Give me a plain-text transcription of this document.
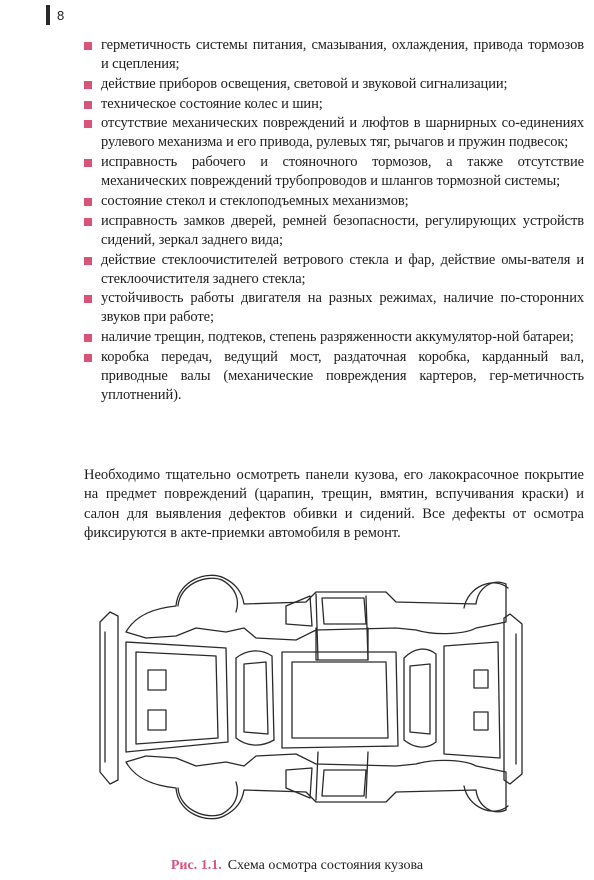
8
герметичность системы питания, смазывания, охлаждения, привода тормозов и сцепления;
действие приборов освещения, световой и звуковой сигнализации;
техническое состояние колес и шин;
отсутствие механических повреждений и люфтов в шарнирных со-единениях рулевого механизма и его привода, рулевых тяг, рычагов и пружин подвесок;
исправность рабочего и стояночного тормозов, а также отсутствие механических повреждений трубопроводов и шлангов тормозной системы;
состояние стекол и стеклоподъемных механизмов;
исправность замков дверей, ремней безопасности, регулирующих устройств сидений, зеркал заднего вида;
действие стеклоочистителей ветрового стекла и фар, действие омы-вателя и стеклоочистителя заднего стекла;
устойчивость работы двигателя на разных режимах, наличие по-сторонних звуков при работе;
наличие трещин, подтеков, степень разряженности аккумулятор-ной батареи;
коробка передач, ведущий мост, раздаточная коробка, карданный вал, приводные валы (механические повреждения картеров, гер-метичность уплотнений).

Необходимо тщательно осмотреть панели кузова, его лакокрасочное покрытие на предмет повреждений (царапин, трещин, вмятин, вспучивания краски) и салон для выявления дефектов обивки и сидений. Все дефекты от осмотра фиксируются в акте-приемки автомобиля в ремонт.

Рис. 1.1. Схема осмотра состояния кузова
